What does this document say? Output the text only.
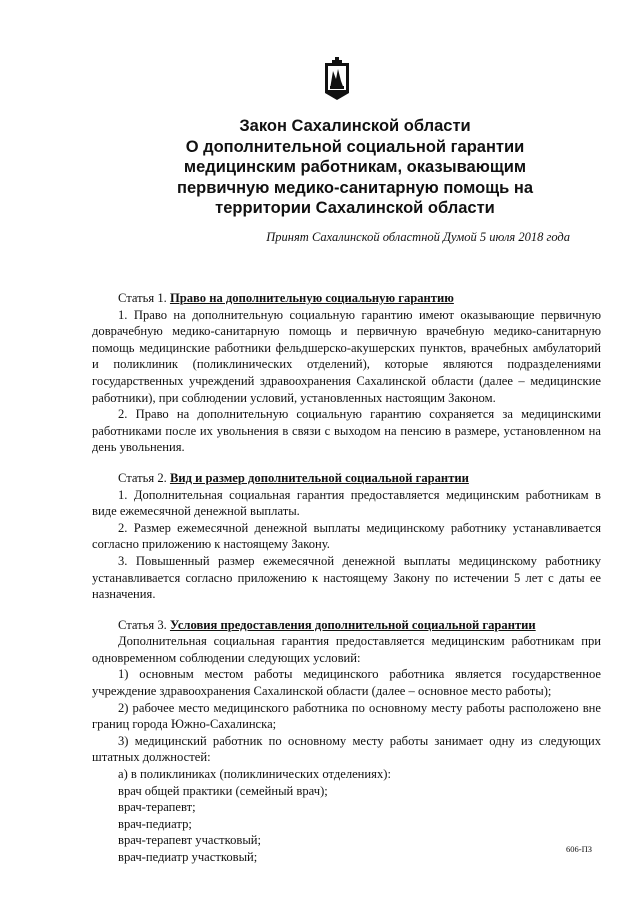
Закон Сахалинской области
О дополнительной социальной гарантии
медицинским работникам, оказывающим
первичную медико-санитарную помощь на
территории Сахалинской области
Принят Сахалинской областной Думой 5 июля 2018 года

Статья 1. Право на дополнительную социальную гарантию

1. Право на дополнительную социальную гарантию имеют оказывающие первичную доврачебную медико-санитарную помощь и первичную врачебную медико-санитарную помощь медицинские работники фельдшерско-акушерских пунктов, врачебных амбулаторий и поликлиник (поликлинических отделений), которые являются подразделениями государственных учреждений здравоохранения Сахалинской области (далее – медицинские работники), при соблюдении условий, установленных настоящим Законом.

2. Право на дополнительную социальную гарантию сохраняется за медицинскими работниками после их увольнения в связи с выходом на пенсию в размере, установленном на день увольнения.

Статья 2. Вид и размер дополнительной социальной гарантии

1. Дополнительная социальная гарантия предоставляется медицинским работникам в виде ежемесячной денежной выплаты.

2. Размер ежемесячной денежной выплаты медицинскому работнику устанавливается согласно приложению к настоящему Закону.

3. Повышенный размер ежемесячной денежной выплаты медицинскому работнику устанавливается согласно приложению к настоящему Закону по истечении 5 лет с даты ее назначения.

Статья 3. Условия предоставления дополнительной социальной гарантии

Дополнительная социальная гарантия предоставляется медицинским работникам при одновременном соблюдении следующих условий:

1) основным местом работы медицинского работника является государственное учреждение здравоохранения Сахалинской области (далее – основное место работы);

2) рабочее место медицинского работника по основному месту работы расположено вне границ города Южно-Сахалинска;

3) медицинский работник по основному месту работы занимает одну из следующих штатных должностей:

а) в поликлиниках (поликлинических отделениях):

врач общей практики (семейный врач);

врач-терапевт;

врач-педиатр;

врач-терапевт участковый;

врач-педиатр участковый;

606-ПЗ
